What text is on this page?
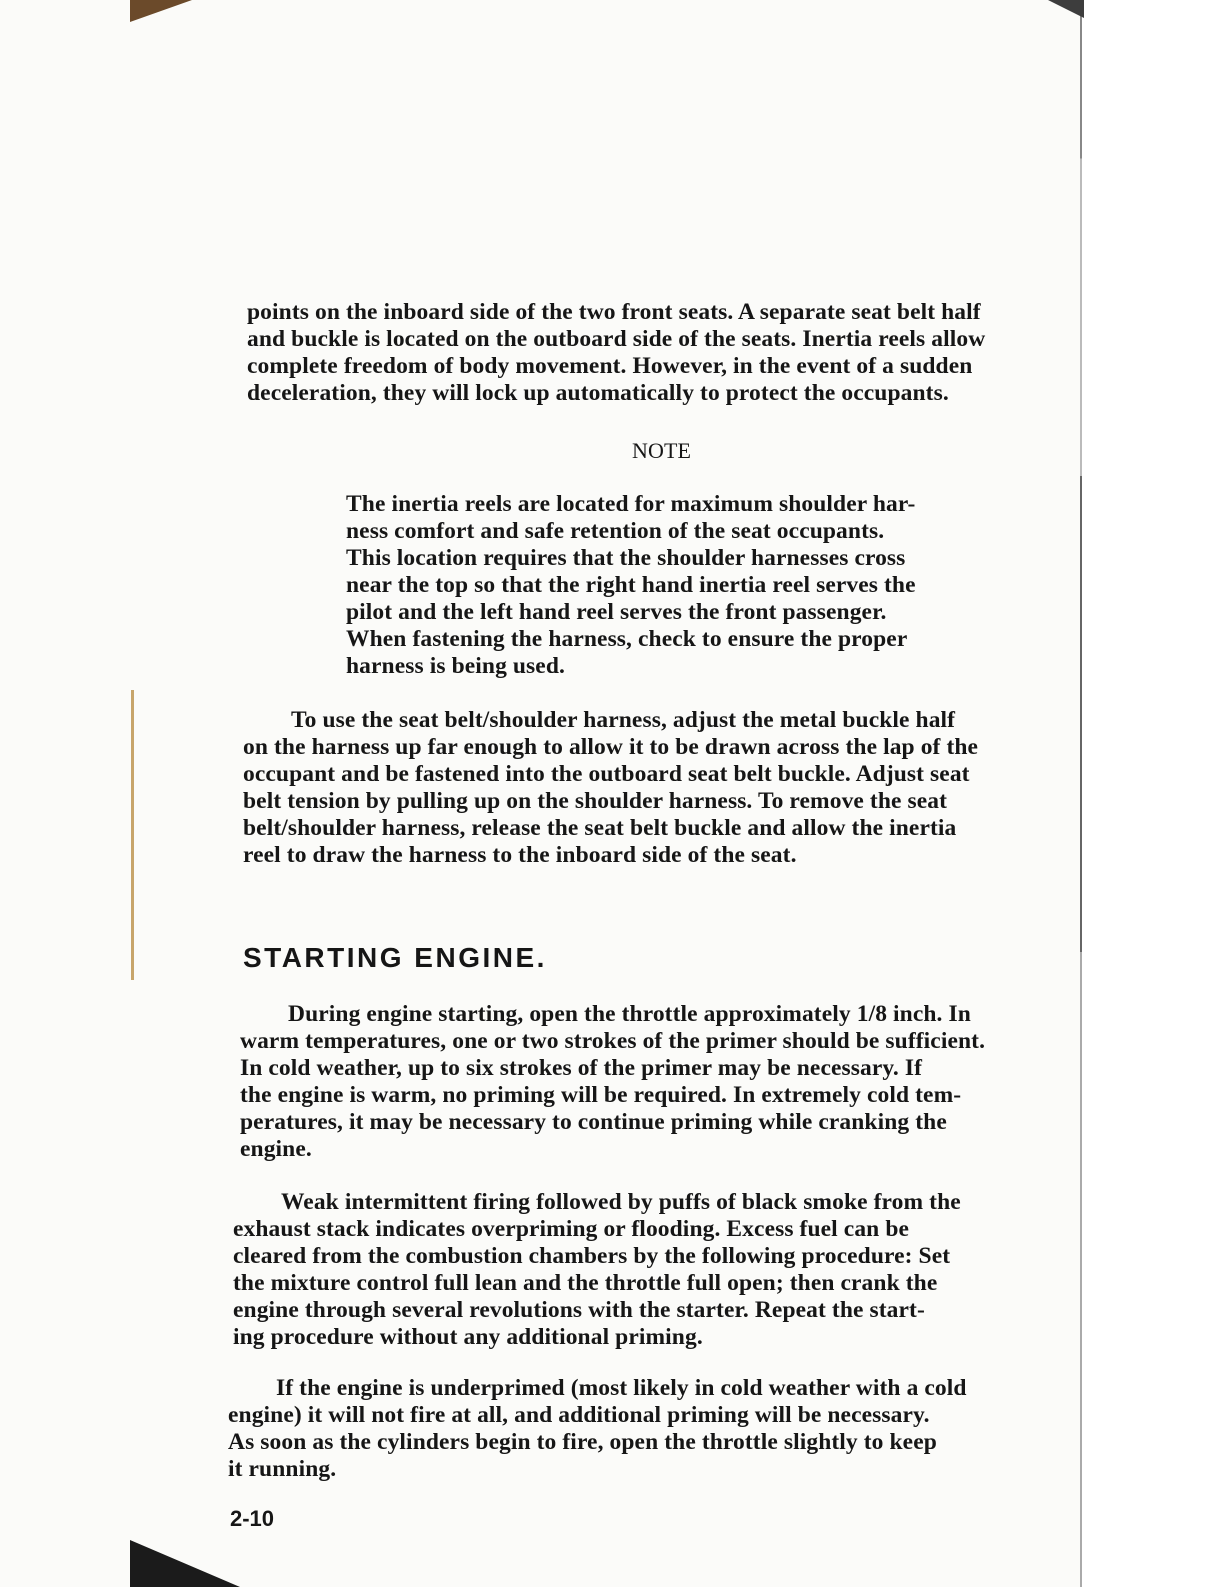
points on the inboard side of the two front seats. A separate seat belt half
and buckle is located on the outboard side of the seats. Inertia reels allow
complete freedom of body movement. However, in the event of a sudden
deceleration, they will lock up automatically to protect the occupants.
NOTE
The inertia reels are located for maximum shoulder har-
ness comfort and safe retention of the seat occupants.
This location requires that the shoulder harnesses cross
near the top so that the right hand inertia reel serves the
pilot and the left hand reel serves the front passenger.
When fastening the harness, check to ensure the proper
harness is being used.
To use the seat belt/shoulder harness, adjust the metal buckle half
on the harness up far enough to allow it to be drawn across the lap of the
occupant and be fastened into the outboard seat belt buckle. Adjust seat
belt tension by pulling up on the shoulder harness. To remove the seat
belt/shoulder harness, release the seat belt buckle and allow the inertia
reel to draw the harness to the inboard side of the seat.
STARTING ENGINE.
During engine starting, open the throttle approximately 1/8 inch. In
warm temperatures, one or two strokes of the primer should be sufficient.
In cold weather, up to six strokes of the primer may be necessary. If
the engine is warm, no priming will be required. In extremely cold tem-
peratures, it may be necessary to continue priming while cranking the
engine.
Weak intermittent firing followed by puffs of black smoke from the
exhaust stack indicates overpriming or flooding. Excess fuel can be
cleared from the combustion chambers by the following procedure: Set
the mixture control full lean and the throttle full open; then crank the
engine through several revolutions with the starter. Repeat the start-
ing procedure without any additional priming.
If the engine is underprimed (most likely in cold weather with a cold
engine) it will not fire at all, and additional priming will be necessary.
As soon as the cylinders begin to fire, open the throttle slightly to keep
it running.
2-10
